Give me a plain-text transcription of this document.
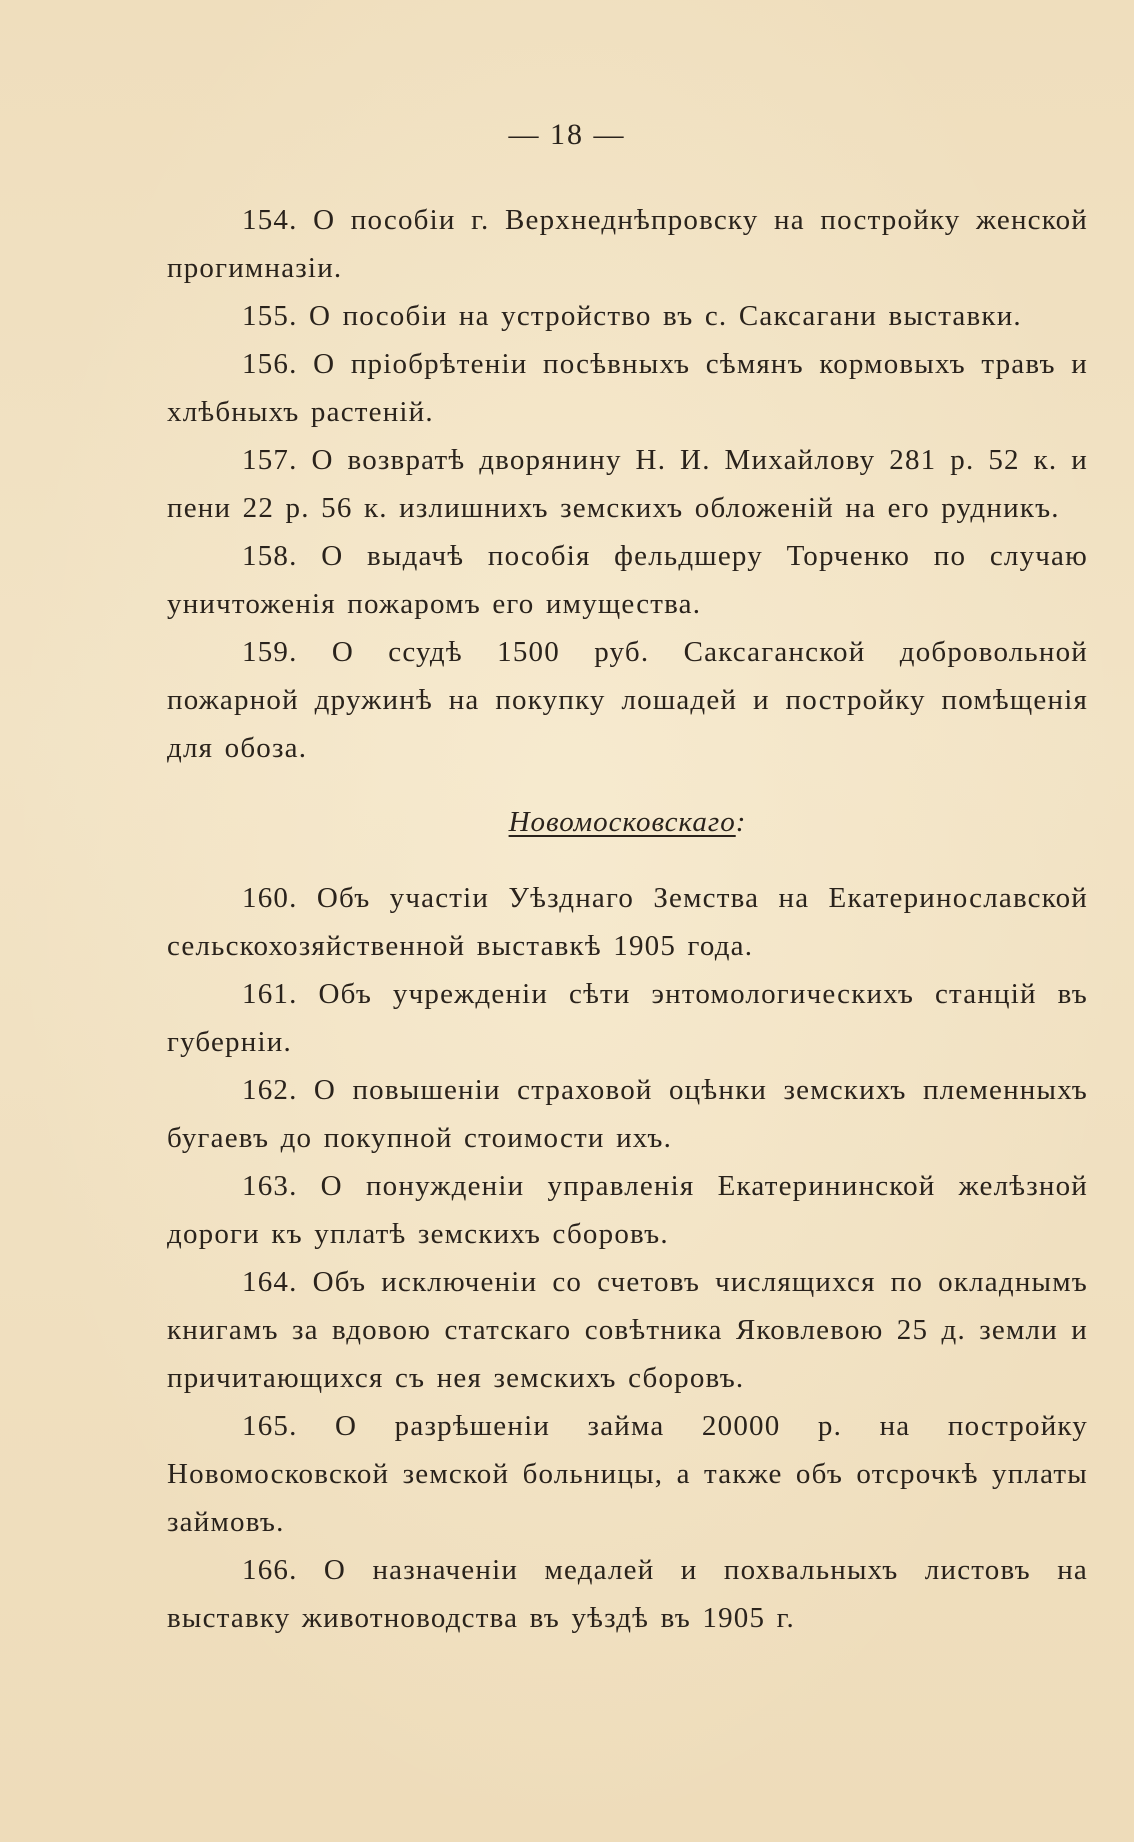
— 18 —

154. О пособіи г. Верхнеднѣпровску на постройку женской прогимназіи.

155. О пособіи на устройство въ с. Саксагани выставки.

156. О пріобрѣтеніи посѣвныхъ сѣмянъ кормовыхъ травъ и хлѣбныхъ растеній.

157. О возвратѣ дворянину Н. И. Михайлову 281 р. 52 к. и пени 22 р. 56 к. излишнихъ земскихъ обложеній на его рудникъ.

158. О выдачѣ пособія фельдшеру Торченко по случаю уничтоженія пожаромъ его имущества.

159. О ссудѣ 1500 руб. Саксаганской добровольной пожарной дружинѣ на покупку лошадей и постройку помѣщенія для обоза.

Новомосковскаго:

160. Объ участіи Уѣзднаго Земства на Екатеринославской сельскохозяйственной выставкѣ 1905 года.

161. Объ учрежденіи сѣти энтомологическихъ станцій въ губерніи.

162. О повышеніи страховой оцѣнки земскихъ племенныхъ бугаевъ до покупной стоимости ихъ.

163. О понужденіи управленія Екатерининской желѣзной дороги къ уплатѣ земскихъ сборовъ.

164. Объ исключеніи со счетовъ числящихся по окладнымъ книгамъ за вдовою статскаго совѣтника Яковлевою 25 д. земли и причитающихся съ нея земскихъ сборовъ.

165. О разрѣшеніи займа 20000 р. на постройку Новомосковской земской больницы, а также объ отсрочкѣ уплаты займовъ.

166. О назначеніи медалей и похвальныхъ листовъ на выставку животноводства въ уѣздѣ въ 1905 г.
